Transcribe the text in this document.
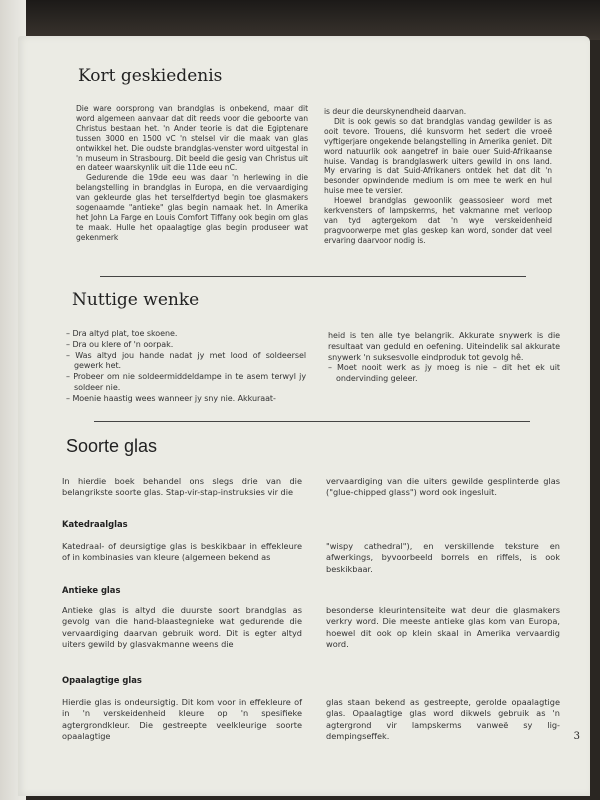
Kort geskiedenis

Die ware oorsprong van brandglas is onbekend, maar dit word algemeen aanvaar dat dit reeds voor die geboorte van Christus bestaan het. 'n Ander teorie is dat die Egiptenare tussen 3000 en 1500 vC 'n stelsel vir die maak van glas ontwikkel het. Die oudste brandglas-venster word uitgestal in 'n museum in Strasbourg. Dit beeld die gesig van Christus uit en dateer waarskynlik uit die 11de eeu nC.

Gedurende die 19de eeu was daar 'n herlewing in die belangstelling in brandglas in Europa, en die vervaardiging van gekleurde glas het terselfdertyd begin toe glasmakers sogenaamde "antieke" glas begin namaak het. In Amerika het John La Farge en Louis Comfort Tiffany ook begin om glas te maak. Hulle het opaalagtige glas begin produseer wat gekenmerk

is deur die deurskynendheid daarvan.

Dit is ook gewis so dat brandglas vandag gewilder is as ooit tevore. Trouens, dié kunsvorm het sedert die vroeë vyftigerjare ongekende belangstelling in Amerika geniet. Dit word natuurlik ook aangetref in baie ouer Suid-Afrikaanse huise. Vandag is brandglaswerk uiters gewild in ons land. My ervaring is dat Suid-Afrikaners ontdek het dat dit 'n besonder opwindende medium is om mee te werk en hul huise mee te versier.

Hoewel brandglas gewoonlik geassosieer word met kerkvensters of lampskerms, het vakmanne met verloop van tyd agtergekom dat 'n wye verskeidenheid pragvoorwerpe met glas geskep kan word, sonder dat veel ervaring daarvoor nodig is.

Nuttige wenke
– Dra altyd plat, toe skoene.
– Dra ou klere of 'n oorpak.
– Was altyd jou hande nadat jy met lood of soldeersel gewerk het.
– Probeer om nie soldeermiddeldampe in te asem terwyl jy soldeer nie.
– Moenie haastig wees wanneer jy sny nie. Akkuraat-
heid is ten alle tye belangrik. Akkurate snywerk is die resultaat van geduld en oefening. Uiteindelik sal akkurate snywerk 'n suksesvolle eindproduk tot gevolg hê.
– Moet nooit werk as jy moeg is nie – dit het ek uit ondervinding geleer.
Soorte glas

In hierdie boek behandel ons slegs drie van die belangrikste soorte glas. Stap-vir-stap-instruksies vir die

vervaardiging van die uiters gewilde gesplinterde glas ("glue-chipped glass") word ook ingesluit.

Katedraalglas

Katedraal- of deursigtige glas is beskikbaar in effekleure of in kombinasies van kleure (algemeen bekend as

"wispy cathedral"), en verskillende teksture en afwerkings, byvoorbeeld borrels en riffels, is ook beskikbaar.

Antieke glas

Antieke glas is altyd die duurste soort brandglas as gevolg van die hand-blaastegnieke wat gedurende die vervaardiging daarvan gebruik word. Dit is egter altyd uiters gewild by glasvakmanne weens die

besonderse kleurintensiteite wat deur die glasmakers verkry word. Die meeste antieke glas kom van Europa, hoewel dit ook op klein skaal in Amerika vervaardig word.

Opaalagtige glas

Hierdie glas is ondeursigtig. Dit kom voor in effekleure of in 'n verskeidenheid kleure op 'n spesifieke agtergrondkleur. Die gestreepte veelkleurige soorte opaalagtige

glas staan bekend as gestreepte, gerolde opaalagtige glas. Opaalagtige glas word dikwels gebruik as 'n agtergrond vir lampskerms vanweë sy lig-dempingseffek.	3
